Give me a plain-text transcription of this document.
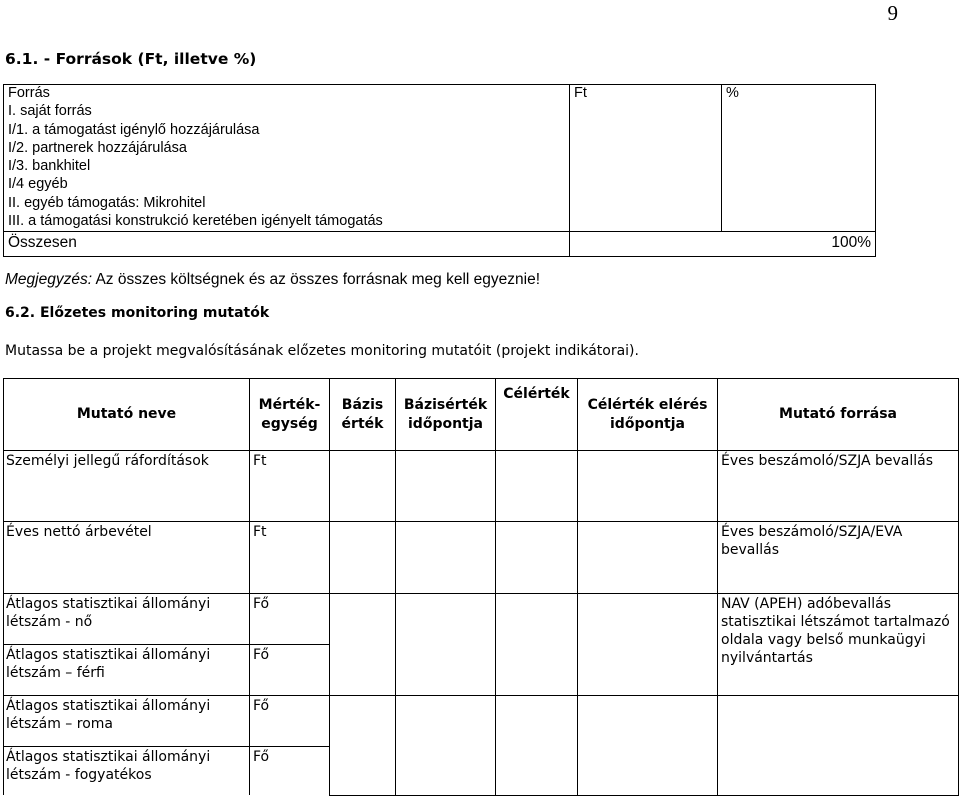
9
6.1. - Források (Ft, illetve %)
Forrás	Ft	%
I. saját forrás		
I/1. a támogatást igénylő hozzájárulása		
I/2. partnerek hozzájárulása		
I/3. bankhitel		
I/4 egyéb		
II. egyéb támogatás: Mikrohitel		
III. a támogatási konstrukció keretében igényelt támogatás		
Összesen	100%	
Megjegyzés: Az összes költségnek és az összes forrásnak meg kell egyeznie!
6.2. Előzetes monitoring mutatók
Mutassa be a projekt megvalósításának előzetes monitoring mutatóit (projekt indikátorai).
Mutató neve	Mérték-egység	Bázis érték	Bázisérték időpontja	Célérték	Célérték elérés időpontja	Mutató forrása
Személyi jellegű ráfordítások	Ft					Éves beszámoló/SZJA bevallás
Éves nettó árbevétel	Ft					Éves beszámoló/SZJA/EVA bevallás
Átlagos statisztikai állományi létszám - nő	Fő					NAV (APEH) adóbevallás statisztikai létszámot tartalmazó oldala vagy belső munkaügyi nyilvántartás
Átlagos statisztikai állományi létszám – férfi	Fő					
Átlagos statisztikai állományi létszám – roma	Fő					
Átlagos statisztikai állományi létszám - fogyatékos	Fő					
